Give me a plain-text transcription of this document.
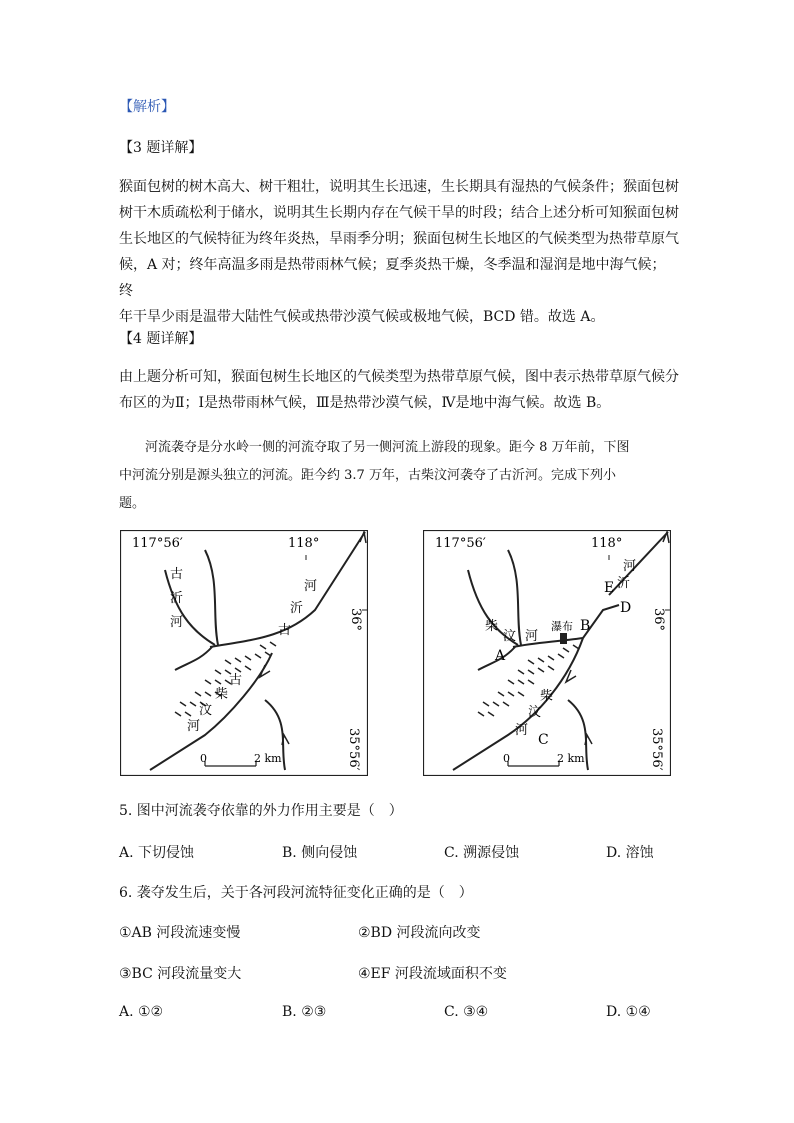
【解析】
【3 题详解】
猴面包树的树木高大、树干粗壮，说明其生长迅速，生长期具有湿热的气候条件；猴面包树
树干木质疏松利于储水，说明其生长期内存在气候干旱的时段；结合上述分析可知猴面包树
生长地区的气候特征为终年炎热，旱雨季分明；猴面包树生长地区的气候类型为热带草原气
候，A 对；终年高温多雨是热带雨林气候；夏季炎热干燥，冬季温和湿润是地中海气候；终
年干旱少雨是温带大陆性气候或热带沙漠气候或极地气候，BCD 错。故选 A。
【4 题详解】
由上题分析可知，猴面包树生长地区的气候类型为热带草原气候，图中表示热带草原气候分
布区的为Ⅱ；Ⅰ是热带雨林气候，Ⅲ是热带沙漠气候，Ⅳ是地中海气候。故选 B。
河流袭夺是分水岭一侧的河流夺取了另一侧河流上游段的现象。距今 8 万年前，下图
中河流分别是源头独立的河流。距今约 3.7 万年，古柴汶河袭夺了古沂河。完成下列小
题。
117°56′	118°
36°
35°56′
古
沂
河
河
沂
古
河
汶
柴
古
0	2 km
117°56′	118°
36°
35°56′
柴
汶 河
A
瀑布 B
D
E
河
沂
柴
汶
河
C
0	2 km
5. 图中河流袭夺依靠的外力作用主要是（　）
A. 下切侵蚀	B. 侧向侵蚀	C. 溯源侵蚀	D. 溶蚀
6. 袭夺发生后，关于各河段河流特征变化正确的是（　）
①AB 河段流速变慢	②BD 河段流向改变
③BC 河段流量变大	④EF 河段流域面积不变
A. ①②	B. ②③	C. ③④	D. ①④
